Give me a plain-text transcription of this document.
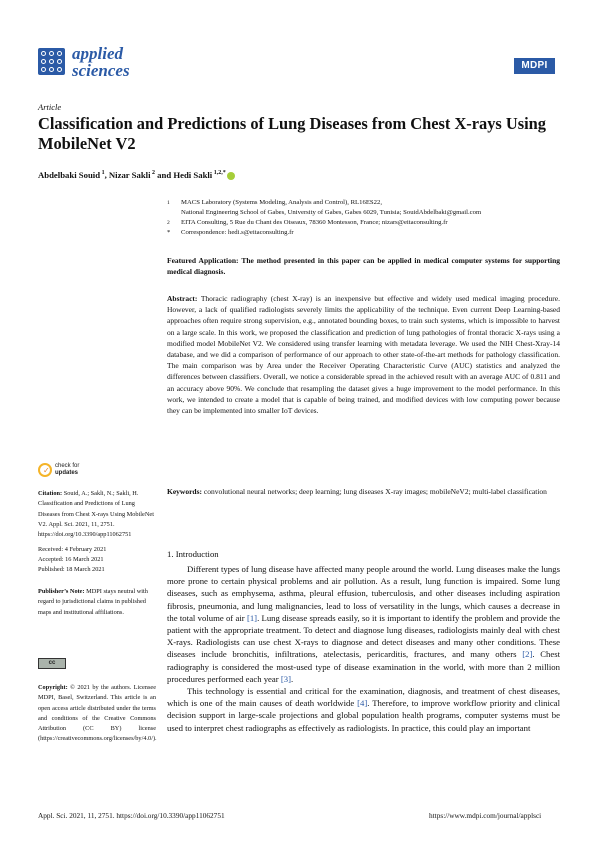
applied
sciences	MDPI
Article
Classification and Predictions of Lung Diseases from Chest X-rays Using MobileNet V2
Abdelbaki Souid $^1$, Nizar Sakli $^2$ and Hedi Sakli $^{1,2,*}$
1 MACS Laboratory (Systems Modeling, Analysis and Control), RL16ES22,
National Engineering School of Gabes, University of Gabes, Gabes 6029, Tunisia; SouidAbdelbaki@gmail.com
2 EITA Consulting, 5 Rue du Chant des Oiseaux, 78360 Montesson, France; nizars@eitaconsulting.fr
* Correspondence: hedi.s@eitaconsulting.fr
Featured Application: The method presented in this paper can be applied in medical computer systems for supporting medical diagnosis.
Abstract: Thoracic radiography (chest X-ray) is an inexpensive but effective and widely used medical imaging procedure. However, a lack of qualified radiologists severely limits the applicability of the technique. Even current Deep Learning-based approaches often require strong supervision, e.g., annotated bounding boxes, to train such systems, which is impossible to harvest on a large scale. In this work, we proposed the classification and prediction of lung pathologies of frontal thoracic X-rays using a modified model MobileNet V2. We considered using transfer learning with metadata leverage. We used the NIH Chest-Xray-14 database, and we did a comparison of performance of our approach to other state-of-the-art methods for pathology classification. The main comparison was by Area under the Receiver Operating Characteristic Curve (AUC) statistics and analyzed the differences between classifiers. Overall, we notice a considerable spread in the achieved result with an average AUC of 0.811 and an accuracy above 90%. We conclude that resampling the dataset gives a huge improvement to the model performance. In this work, we intended to create a model that is capable of being trained, and modified devices with low computing power because they can be implemented into smaller IoT devices.
Keywords: convolutional neural networks; deep learning; lung diseases X-ray images; mobileNeV2; multi-label classification
✓ check for
updates
Citation: Souid, A.; Sakli, N.; Sakli, H. Classification and Predictions of Lung Diseases from Chest X-rays Using MobileNet V2. Appl. Sci. 2021, 11, 2751. https://doi.org/10.3390/app11062751
Received: 4 February 2021
Accepted: 16 March 2021
Published: 18 March 2021
Publisher’s Note: MDPI stays neutral with regard to jurisdictional claims in published maps and institutional affiliations.
cc
Copyright: © 2021 by the authors. Licensee MDPI, Basel, Switzerland. This article is an open access article distributed under the terms and conditions of the Creative Commons Attribution (CC BY) license (https://creativecommons.org/licenses/by/4.0/).
1. Introduction

Different types of lung disease have affected many people around the world. Lung diseases make the lungs more prone to certain physical problems and air pollution. As a result, lung function is impaired. Some lung diseases, such as emphysema, asthma, pleural effusion, tuberculosis, and other diseases including aspiration fibrosis, pneumonia, and lung malignancies, lead to loss of versatility in the lungs, which causes a decrease in the total volume of air [1]. Lung disease spreads easily, so it is important to identify the problem and provide the patient with the appropriate treatment. To detect and diagnose lung diseases, radiologists mainly deal with chest X-rays. Radiologists can use chest X-rays to diagnose and detect diseases and many other conditions. These diseases include bronchitis, infiltrations, atelectasis, pericarditis, fractures, and many others [2]. Chest radiography is considered the most-used type of disease examination in the world, with more than 2 million procedures performed each year [3].

This technology is essential and critical for the examination, diagnosis, and treatment of chest diseases, which is one of the main causes of death worldwide [4]. Therefore, to improve workflow priority and clinical decision support in large-scale projections and global population health programs, computer systems must be used to interpret chest radiographs as effectively as radiologists. In practice, this could play an important

Appl. Sci. 2021, 11, 2751. https://doi.org/10.3390/app11062751	https://www.mdpi.com/journal/applsci
